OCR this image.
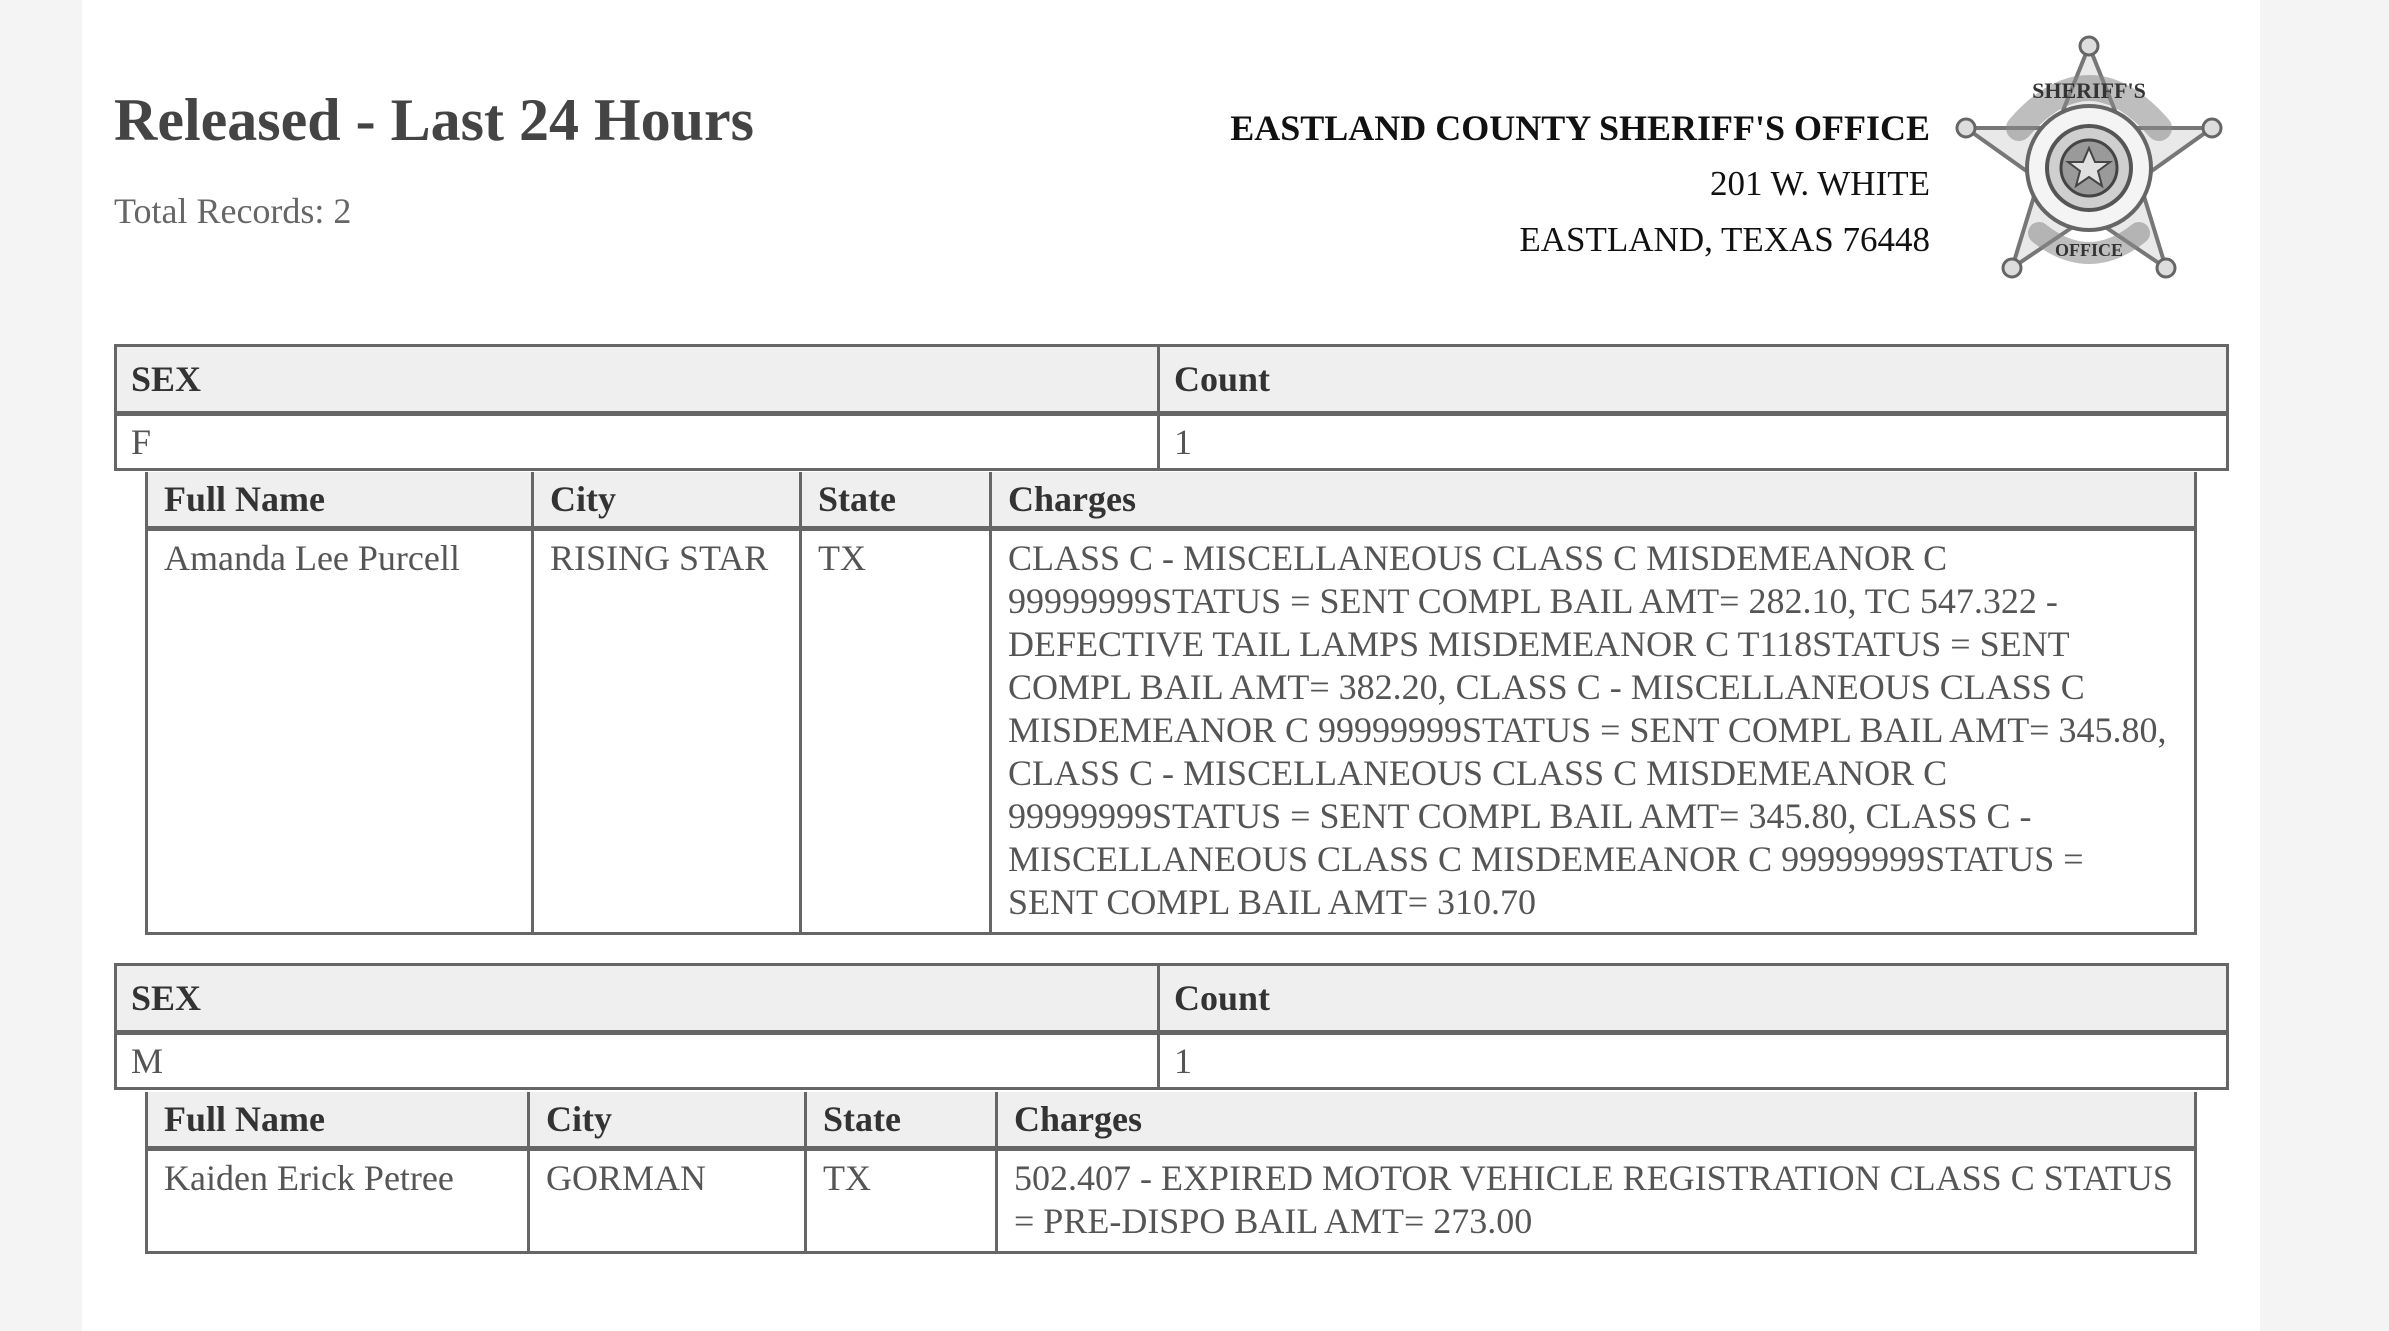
Released - Last 24 Hours
Total Records: 2
EASTLAND COUNTY SHERIFF'S OFFICE
201 W. WHITE
EASTLAND, TEXAS 76448
SHERIFF'S
OFFICE
SEX	Count
F	1
Full Name	City	State	Charges
Amanda Lee Purcell	RISING STAR	TX	CLASS C - MISCELLANEOUS CLASS C MISDEMEANOR C 99999999STATUS = SENT COMPL BAIL AMT= 282.10, TC 547.322 - DEFECTIVE TAIL LAMPS MISDEMEANOR C T118STATUS = SENT COMPL BAIL AMT= 382.20, CLASS C - MISCELLANEOUS CLASS C MISDEMEANOR C 99999999STATUS = SENT COMPL BAIL AMT= 345.80, CLASS C - MISCELLANEOUS CLASS C MISDEMEANOR C 99999999STATUS = SENT COMPL BAIL AMT= 345.80, CLASS C - MISCELLANEOUS CLASS C MISDEMEANOR C 99999999STATUS = SENT COMPL BAIL AMT= 310.70
SEX	Count
M	1
Full Name	City	State	Charges
Kaiden Erick Petree	GORMAN	TX	502.407 - EXPIRED MOTOR VEHICLE REGISTRATION CLASS C STATUS = PRE-DISPO BAIL AMT= 273.00
